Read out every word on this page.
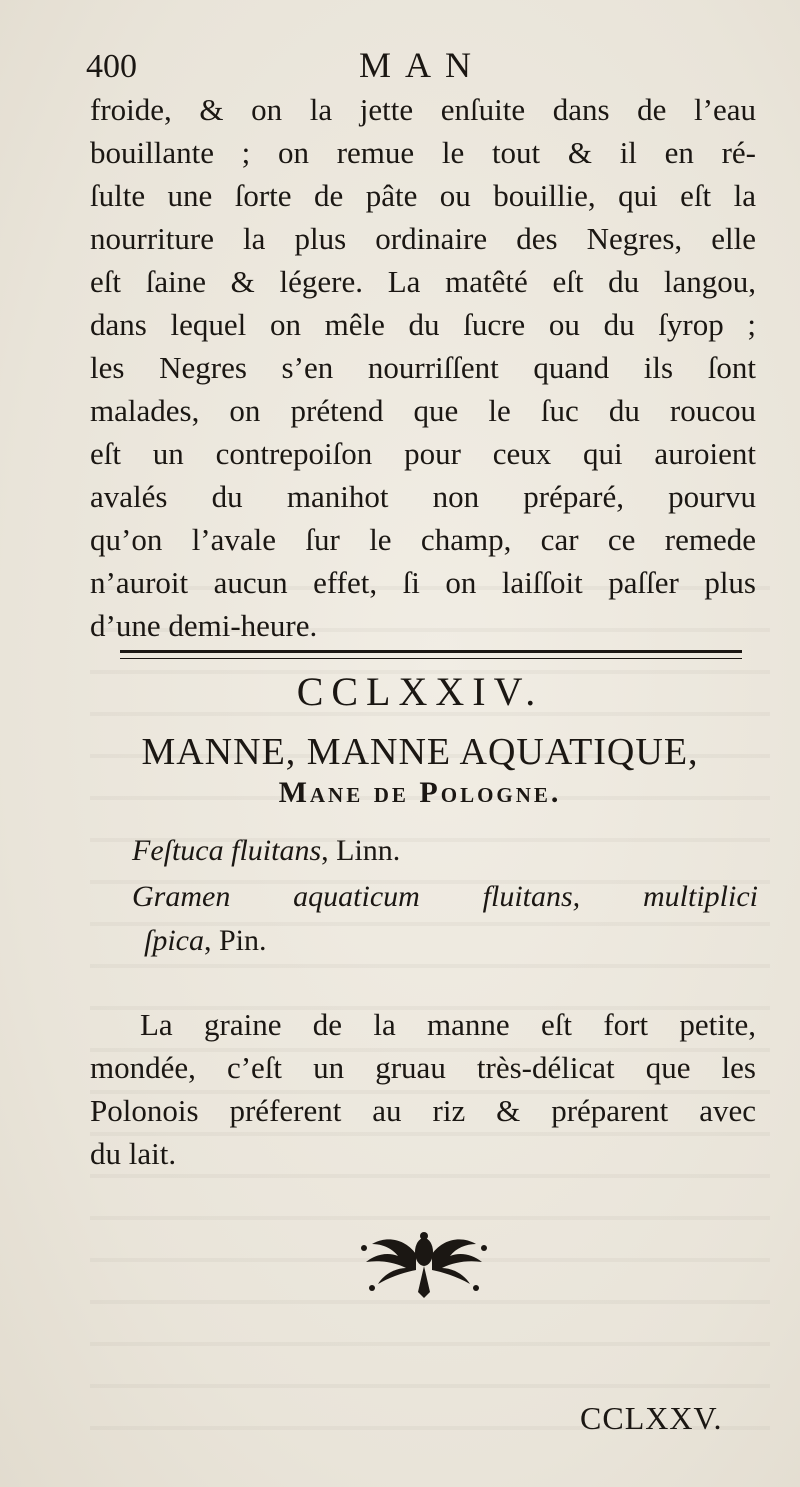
400	MAN
froide, & on la jette enſuite dans de l’eau
bouillante ; on remue le tout & il en ré-
ſulte une ſorte de pâte ou bouillie, qui eſt la
nourriture la plus ordinaire des Negres, elle
eſt ſaine & légere. La matêté eſt du langou,
dans lequel on mêle du ſucre ou du ſyrop ;
les Negres s’en nourriſſent quand ils ſont
malades, on prétend que le ſuc du roucou
eſt un contrepoiſon pour ceux qui auroient
avalés du manihot non préparé, pourvu
qu’on l’avale ſur le champ, car ce remede
n’auroit aucun effet, ſi on laiſſoit paſſer plus
d’une demi-heure.
CCLXXIV.
MANNE, MANNE AQUATIQUE,
Mane de Pologne.
Feſtuca fluitans, Linn.
Gramen aquaticum fluitans, multiplici
ſpica, Pin.
La graine de la manne eſt fort petite,
mondée, c’eſt un gruau très-délicat que les
Polonois préferent au riz & préparent avec
du lait.
CCLXXV.
